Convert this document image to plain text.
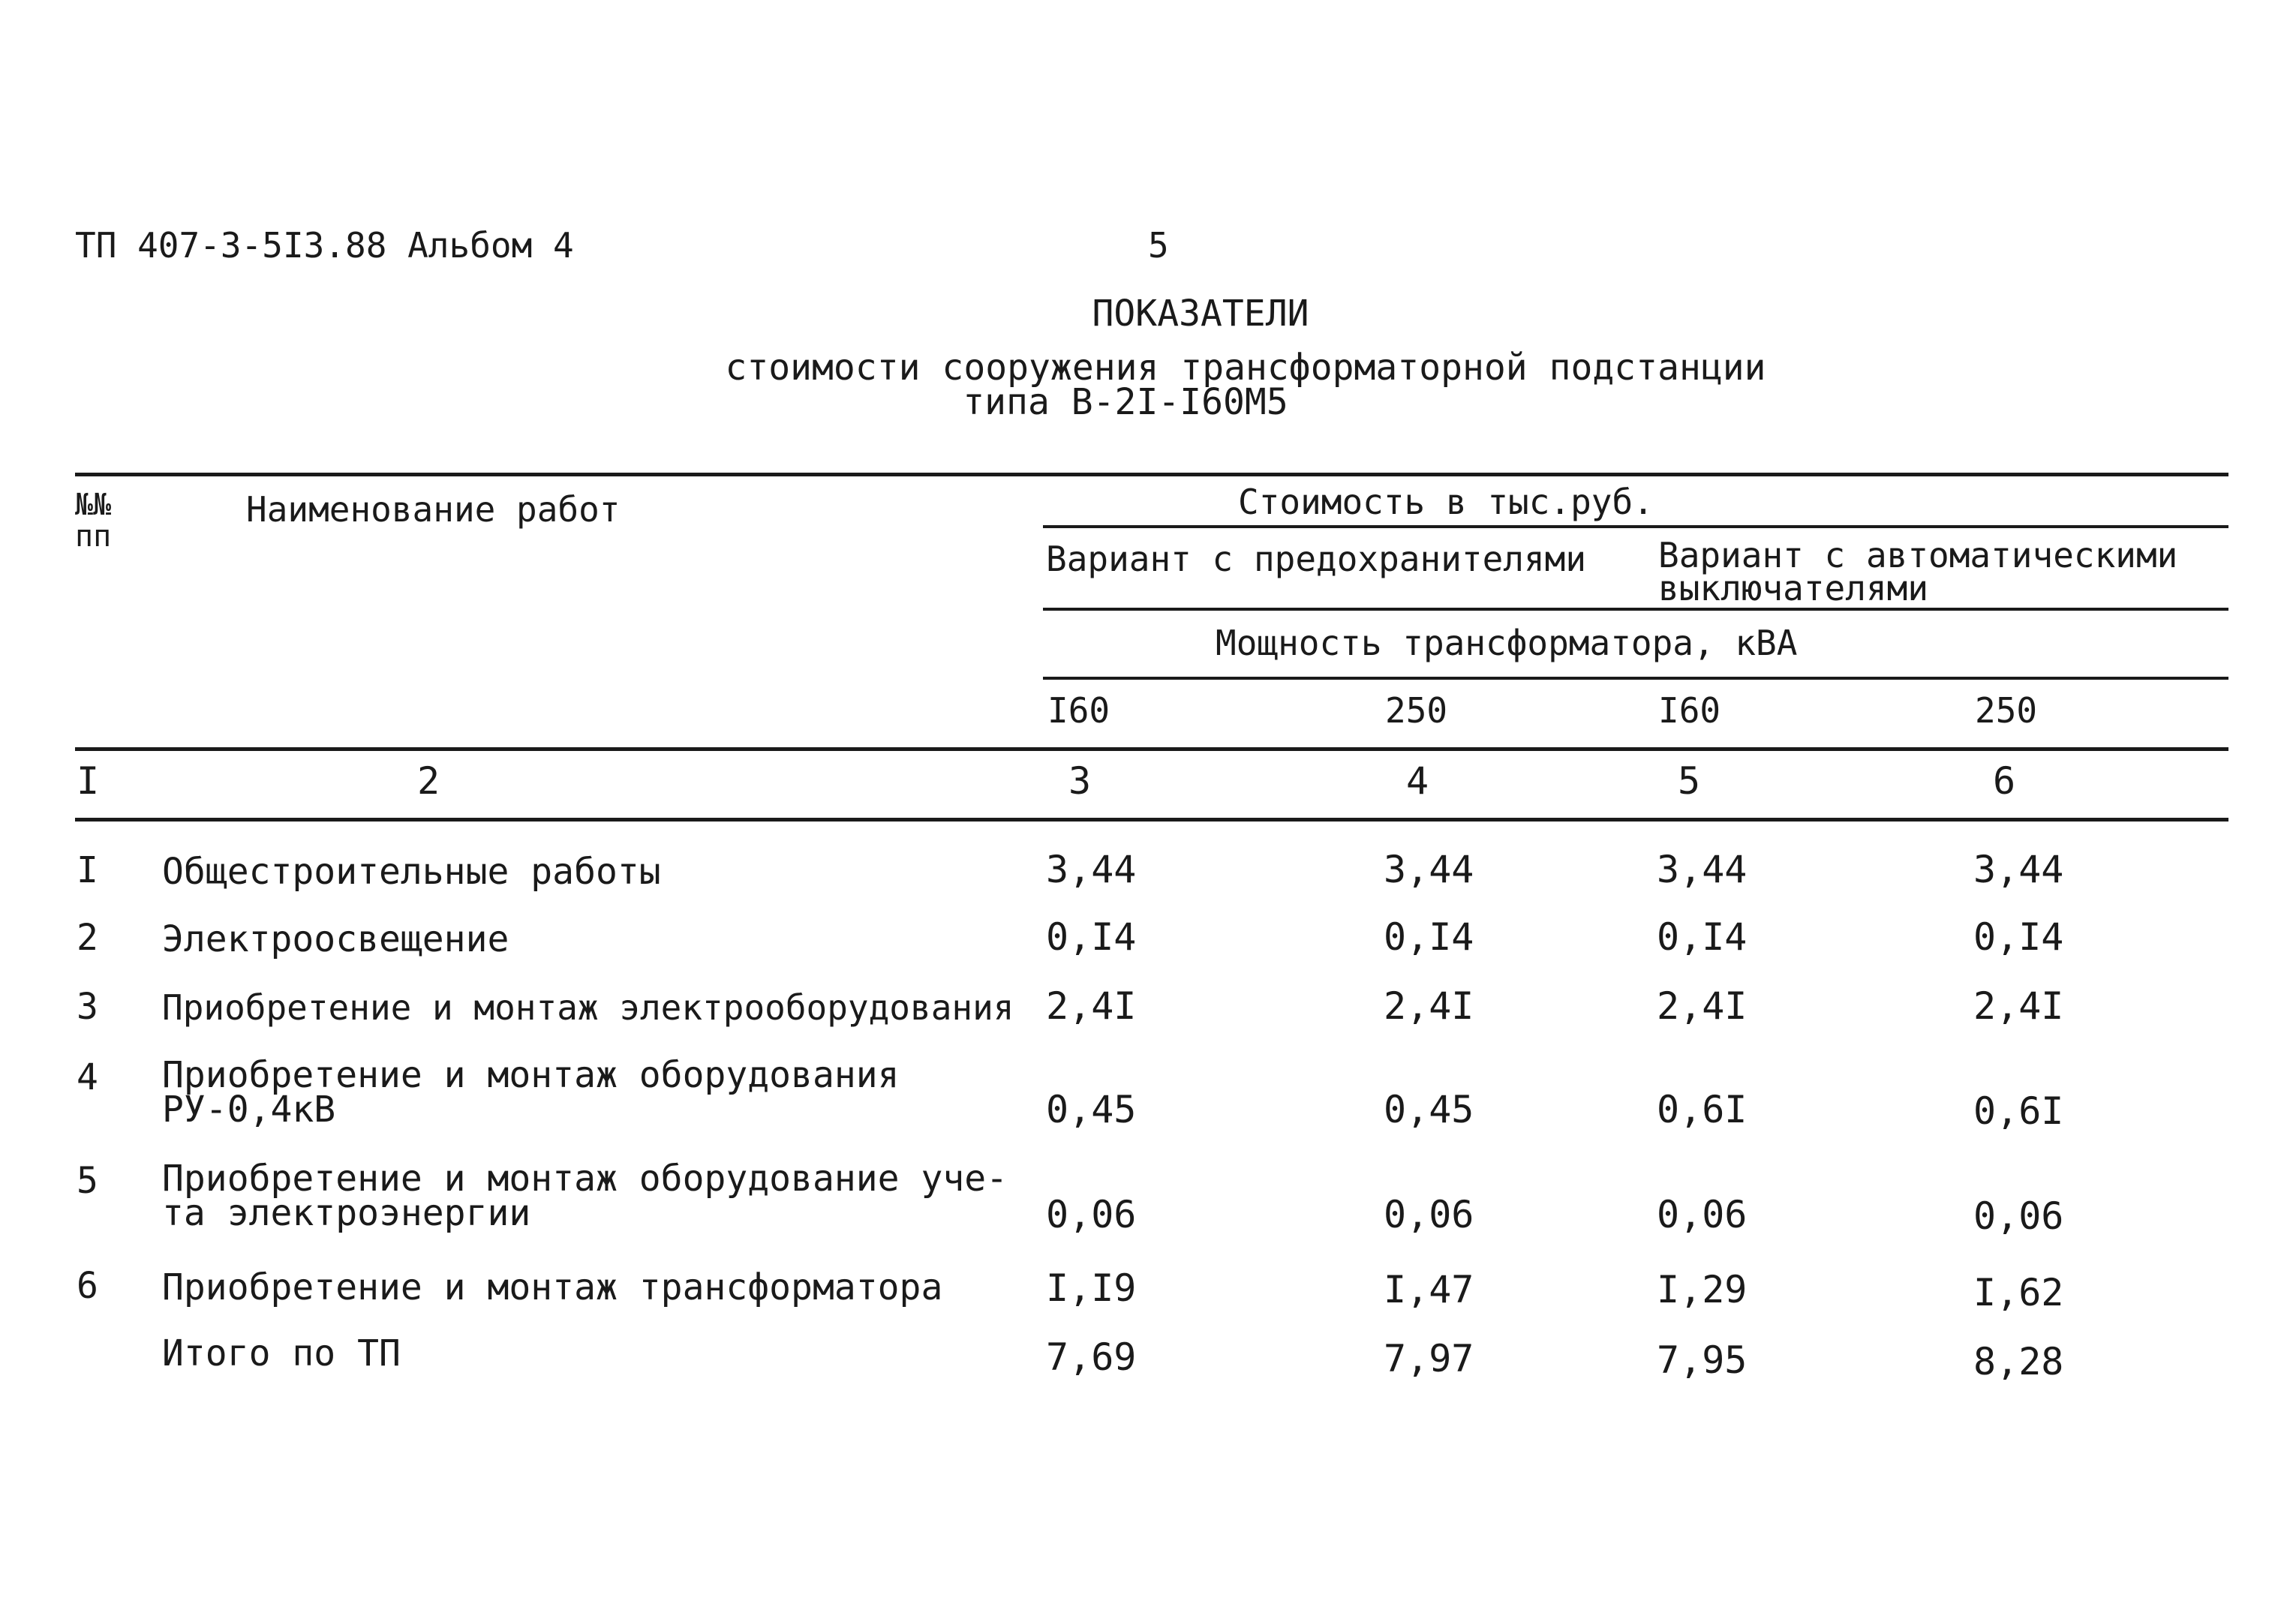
ТП 407-3-5I3.88 Альбом 4	5
ПОКАЗАТЕЛИ
стоимости сооружения трансформаторной подстанции
типа В-2I-I60М5
№№
пп
Наименование работ	Стоимость в тыс.руб.
Вариант с предохранителями Вариант с автоматическими
выключателями
Мощность трансформатора, кВА
I60	250	I60	250
I	2	3	4	5	6
I Общестроительные работы	3,44	3,44	3,44	3,44
2 Электроосвещение	0,I4	0,I4	0,I4	0,I4
3 Приобретение и монтаж электрооборудования 2,4I	2,4I	2,4I	2,4I
4 Приобретение и монтаж оборудования
РУ-0,4кВ	0,45	0,45	0,6I	0,6I
5 Приобретение и монтаж оборудование уче-
та электроэнергии	0,06	0,06	0,06	0,06
6 Приобретение и монтаж трансформатора	I,I9	I,47	I,29	I,62
Итого по ТП	7,69	7,97	7,95	8,28
